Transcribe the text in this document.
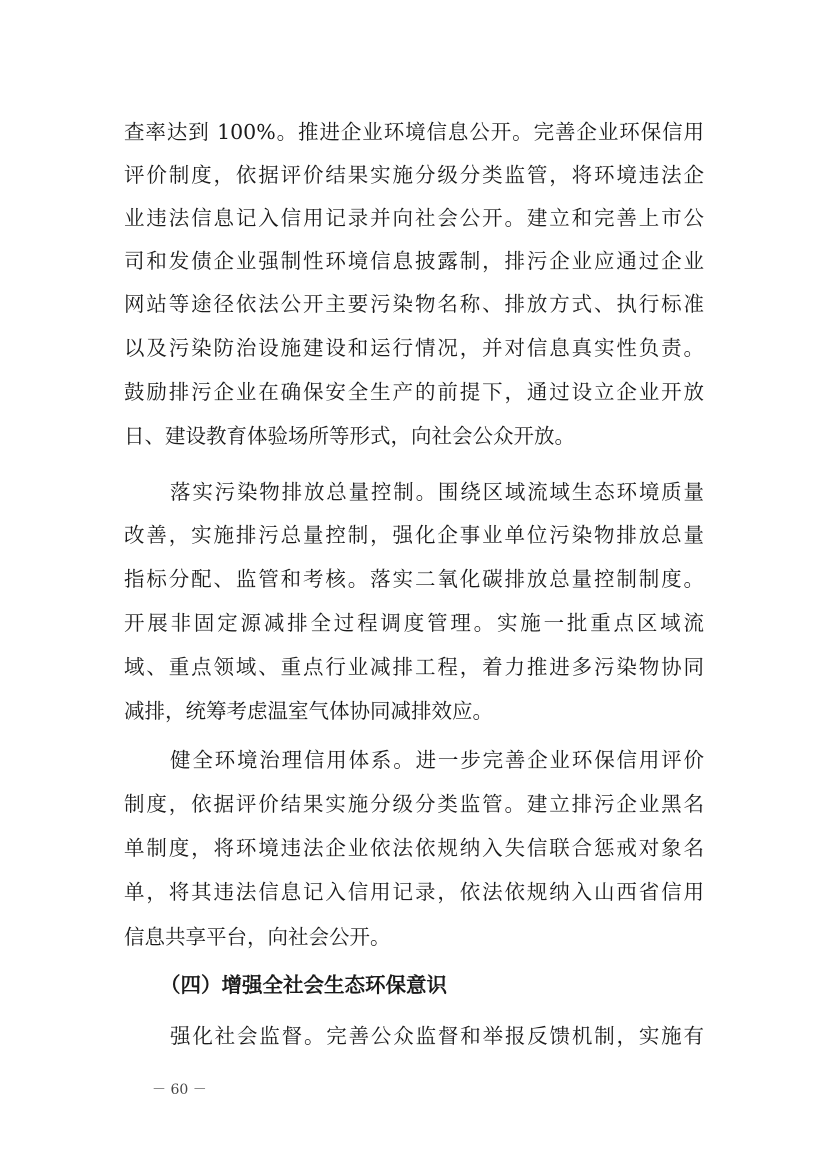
查率达到 100%。推进企业环境信息公开。完善企业环保信用
评价制度，依据评价结果实施分级分类监管，将环境违法企
业违法信息记入信用记录并向社会公开。建立和完善上市公
司和发债企业强制性环境信息披露制，排污企业应通过企业
网站等途径依法公开主要污染物名称、排放方式、执行标准
以及污染防治设施建设和运行情况，并对信息真实性负责。
鼓励排污企业在确保安全生产的前提下，通过设立企业开放
日、建设教育体验场所等形式，向社会公众开放。
落实污染物排放总量控制。围绕区域流域生态环境质量
改善，实施排污总量控制，强化企事业单位污染物排放总量
指标分配、监管和考核。落实二氧化碳排放总量控制制度。
开展非固定源减排全过程调度管理。实施一批重点区域流
域、重点领域、重点行业减排工程，着力推进多污染物协同
减排，统筹考虑温室气体协同减排效应。
健全环境治理信用体系。进一步完善企业环保信用评价
制度，依据评价结果实施分级分类监管。建立排污企业黑名
单制度，将环境违法企业依法依规纳入失信联合惩戒对象名
单，将其违法信息记入信用记录，依法依规纳入山西省信用
信息共享平台，向社会公开。
（四）增强全社会生态环保意识
强化社会监督。完善公众监督和举报反馈机制，实施有
－ 60 －
